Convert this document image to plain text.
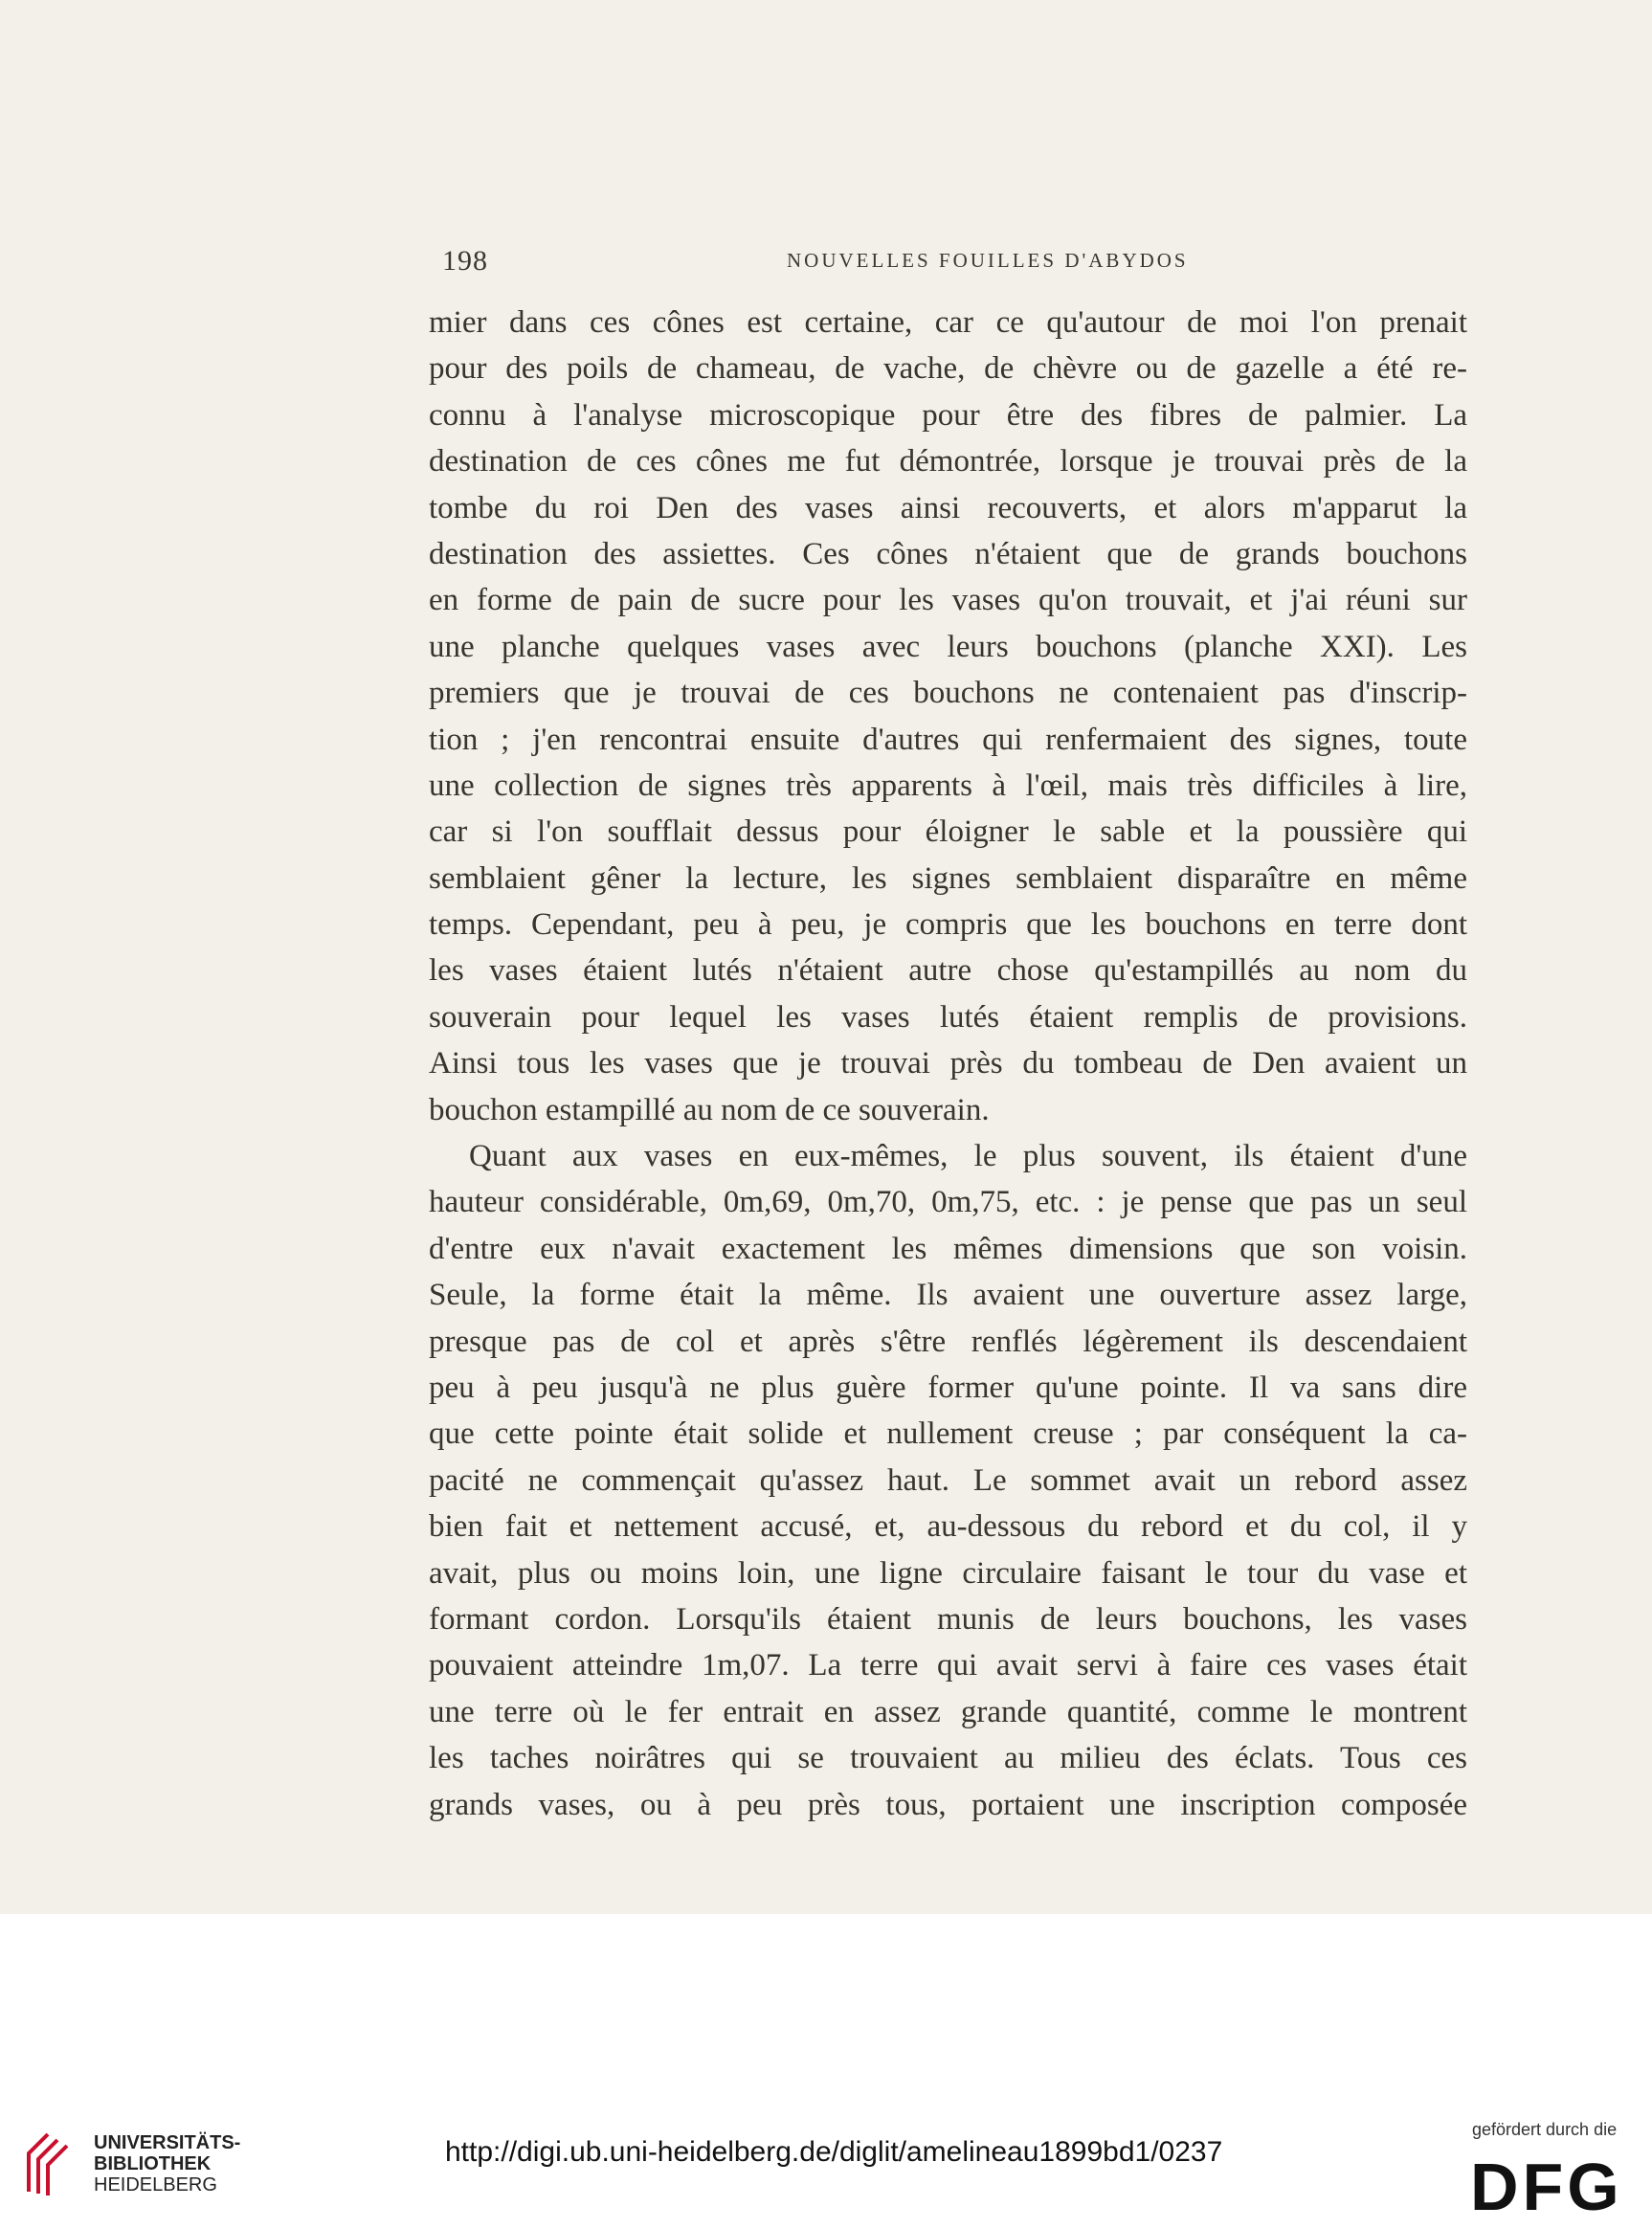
198	NOUVELLES FOUILLES D'ABYDOS
mier dans ces cônes est certaine, car ce qu'autour de moi l'on prenait
pour des poils de chameau, de vache, de chèvre ou de gazelle a été re-
connu à l'analyse microscopique pour être des fibres de palmier. La
destination de ces cônes me fut démontrée, lorsque je trouvai près de la
tombe du roi Den des vases ainsi recouverts, et alors m'apparut la
destination des assiettes. Ces cônes n'étaient que de grands bouchons
en forme de pain de sucre pour les vases qu'on trouvait, et j'ai réuni sur
une planche quelques vases avec leurs bouchons (planche XXI). Les
premiers que je trouvai de ces bouchons ne contenaient pas d'inscrip-
tion ; j'en rencontrai ensuite d'autres qui renfermaient des signes, toute
une collection de signes très apparents à l'œil, mais très difficiles à lire,
car si l'on soufflait dessus pour éloigner le sable et la poussière qui
semblaient gêner la lecture, les signes semblaient disparaître en même
temps. Cependant, peu à peu, je compris que les bouchons en terre dont
les vases étaient lutés n'étaient autre chose qu'estampillés au nom du
souverain pour lequel les vases lutés étaient remplis de provisions.
Ainsi tous les vases que je trouvai près du tombeau de Den avaient un
bouchon estampillé au nom de ce souverain.
Quant aux vases en eux-mêmes, le plus souvent, ils étaient d'une
hauteur considérable, 0m,69, 0m,70, 0m,75, etc. : je pense que pas un seul
d'entre eux n'avait exactement les mêmes dimensions que son voisin.
Seule, la forme était la même. Ils avaient une ouverture assez large,
presque pas de col et après s'être renflés légèrement ils descendaient
peu à peu jusqu'à ne plus guère former qu'une pointe. Il va sans dire
que cette pointe était solide et nullement creuse ; par conséquent la ca-
pacité ne commençait qu'assez haut. Le sommet avait un rebord assez
bien fait et nettement accusé, et, au-dessous du rebord et du col, il y
avait, plus ou moins loin, une ligne circulaire faisant le tour du vase et
formant cordon. Lorsqu'ils étaient munis de leurs bouchons, les vases
pouvaient atteindre 1m,07. La terre qui avait servi à faire ces vases était
une terre où le fer entrait en assez grande quantité, comme le montrent
les taches noirâtres qui se trouvaient au milieu des éclats. Tous ces
grands vases, ou à peu près tous, portaient une inscription composée
UNIVERSITÄTS-
BIBLIOTHEK
HEIDELBERG
http://digi.ub.uni-heidelberg.de/diglit/amelineau1899bd1/0237
gefördert durch die
DFG
